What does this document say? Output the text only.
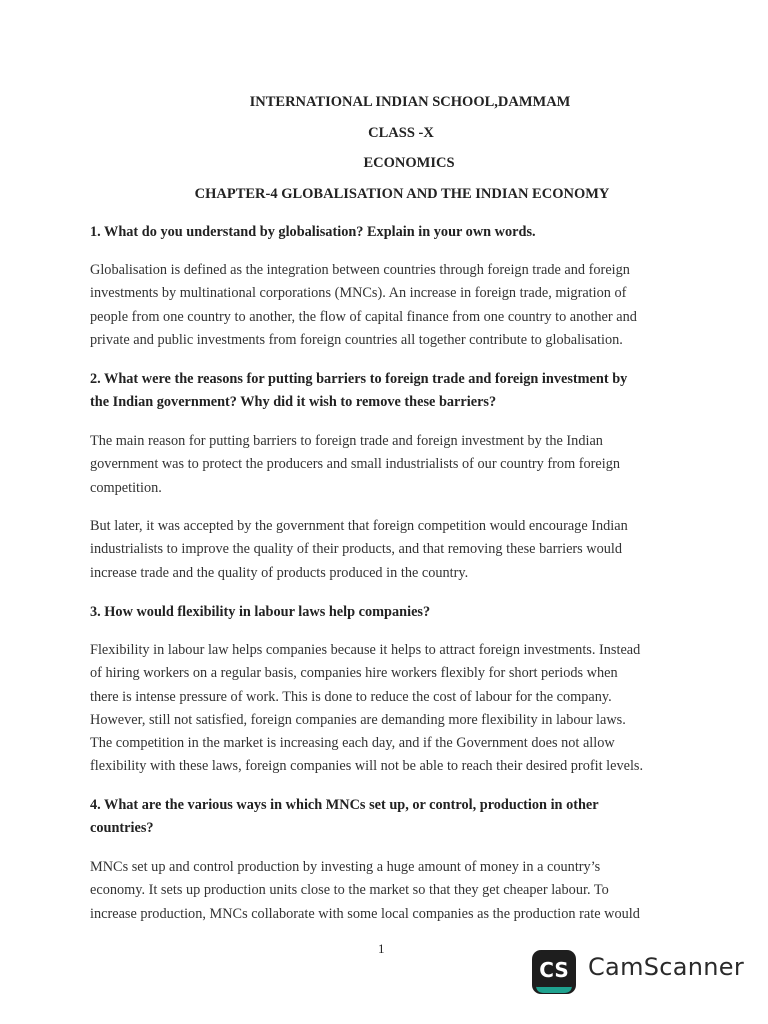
INTERNATIONAL INDIAN SCHOOL,DAMMAM
CLASS -X
ECONOMICS
CHAPTER-4 GLOBALISATION AND THE INDIAN ECONOMY
1. What do you understand by globalisation? Explain in your own words.
Globalisation is defined as the integration between countries through foreign trade and foreign
investments by multinational corporations (MNCs). An increase in foreign trade, migration of
people from one country to another, the flow of capital finance from one country to another and
private and public investments from foreign countries all together contribute to globalisation.
2. What were the reasons for putting barriers to foreign trade and foreign investment by
the Indian government? Why did it wish to remove these barriers?
The main reason for putting barriers to foreign trade and foreign investment by the Indian
government was to protect the producers and small industrialists of our country from foreign
competition.
But later, it was accepted by the government that foreign competition would encourage Indian
industrialists to improve the quality of their products, and that removing these barriers would
increase trade and the quality of products produced in the country.
3. How would flexibility in labour laws help companies?
Flexibility in labour law helps companies because it helps to attract foreign investments. Instead
of hiring workers on a regular basis, companies hire workers flexibly for short periods when
there is intense pressure of work. This is done to reduce the cost of labour for the company.
However, still not satisfied, foreign companies are demanding more flexibility in labour laws.
The competition in the market is increasing each day, and if the Government does not allow
flexibility with these laws, foreign companies will not be able to reach their desired profit levels.
4. What are the various ways in which MNCs set up, or control, production in other
countries?
MNCs set up and control production by investing a huge amount of money in a country’s
economy. It sets up production units close to the market so that they get cheaper labour. To
increase production, MNCs collaborate with some local companies as the production rate would
1
CS CamScanner
